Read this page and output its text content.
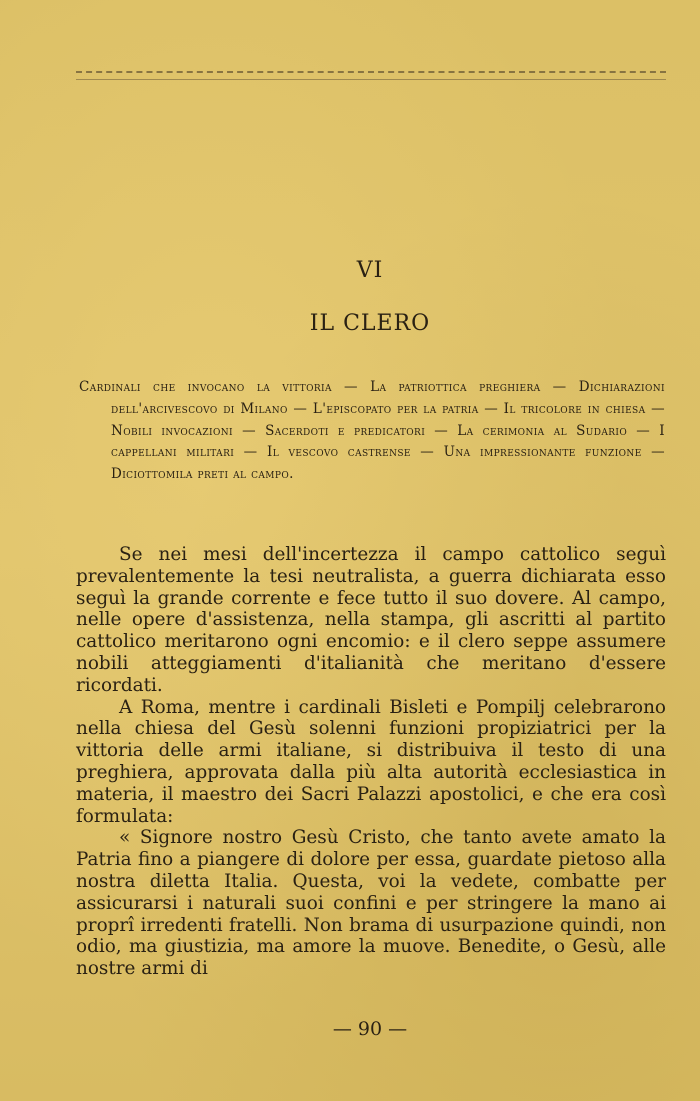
VI
IL CLERO
Cardinali che invocano la vittoria — La patriottica preghiera — Dichiarazioni dell'arcivescovo di Milano — L'episcopato per la patria — Il tricolore in chiesa — Nobili invocazioni — Sacerdoti e predicatori — La cerimonia al Sudario — I cappellani militari — Il vescovo castrense — Una impressionante funzione — Diciottomila preti al campo.

Se nei mesi dell'incertezza il campo cattolico seguì prevalentemente la tesi neutralista, a guerra dichiarata esso seguì la grande corrente e fece tutto il suo dovere. Al campo, nelle opere d'assistenza, nella stampa, gli ascritti al partito cattolico meritarono ogni encomio: e il clero seppe assumere nobili atteggiamenti d'italianità che meritano d'essere ricordati.

A Roma, mentre i cardinali Bisleti e Pompilj celebrarono nella chiesa del Gesù solenni funzioni propiziatrici per la vittoria delle armi italiane, si distribuiva il testo di una preghiera, approvata dalla più alta autorità ecclesiastica in materia, il maestro dei Sacri Palazzi apostolici, e che era così formulata:

« Signore nostro Gesù Cristo, che tanto avete amato la Patria fino a piangere di dolore per essa, guardate pietoso alla nostra diletta Italia. Questa, voi la vedete, combatte per assicurarsi i naturali suoi confini e per stringere la mano ai proprî irredenti fratelli. Non brama di usurpazione quindi, non odio, ma giustizia, ma amore la muove. Benedite, o Gesù, alle nostre armi di

— 90 —
